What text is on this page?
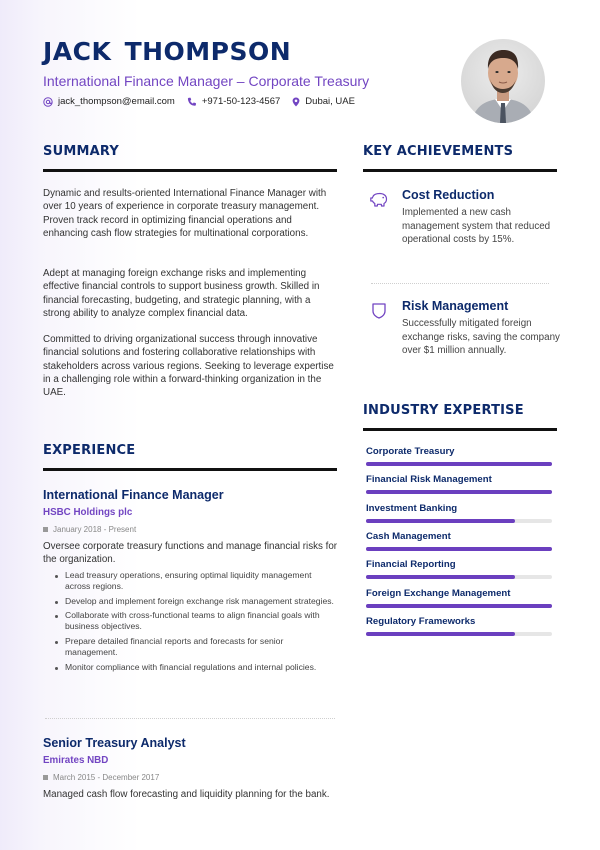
JACK THOMPSON
International Finance Manager – Corporate Treasury
jack_thompson@email.com	+971-50-123-4567	Dubai, UAE
SUMMARY
Dynamic and results-oriented International Finance Manager with over 10 years of experience in corporate treasury management. Proven track record in optimizing financial operations and enhancing cash flow strategies for multinational corporations.
Adept at managing foreign exchange risks and implementing effective financial controls to support business growth. Skilled in financial forecasting, budgeting, and strategic planning, with a strong ability to analyze complex financial data.
Committed to driving organizational success through innovative financial solutions and fostering collaborative relationships with stakeholders across various regions. Seeking to leverage expertise in a challenging role within a forward-thinking organization in the UAE.
KEY ACHIEVEMENTS
Cost Reduction
Implemented a new cash management system that reduced operational costs by 15%.
Risk Management
Successfully mitigated foreign exchange risks, saving the company over $1 million annually.
INDUSTRY EXPERTISE
Corporate Treasury
Financial Risk Management
Investment Banking
Cash Management
Financial Reporting
Foreign Exchange Management
Regulatory Frameworks
EXPERIENCE
International Finance Manager
HSBC Holdings plc
January 2018 - Present
Oversee corporate treasury functions and manage financial risks for the organization.
Lead treasury operations, ensuring optimal liquidity management across regions.
Develop and implement foreign exchange risk management strategies.
Collaborate with cross-functional teams to align financial goals with business objectives.
Prepare detailed financial reports and forecasts for senior management.
Monitor compliance with financial regulations and internal policies.
Senior Treasury Analyst
Emirates NBD
March 2015 - December 2017
Managed cash flow forecasting and liquidity planning for the bank.
